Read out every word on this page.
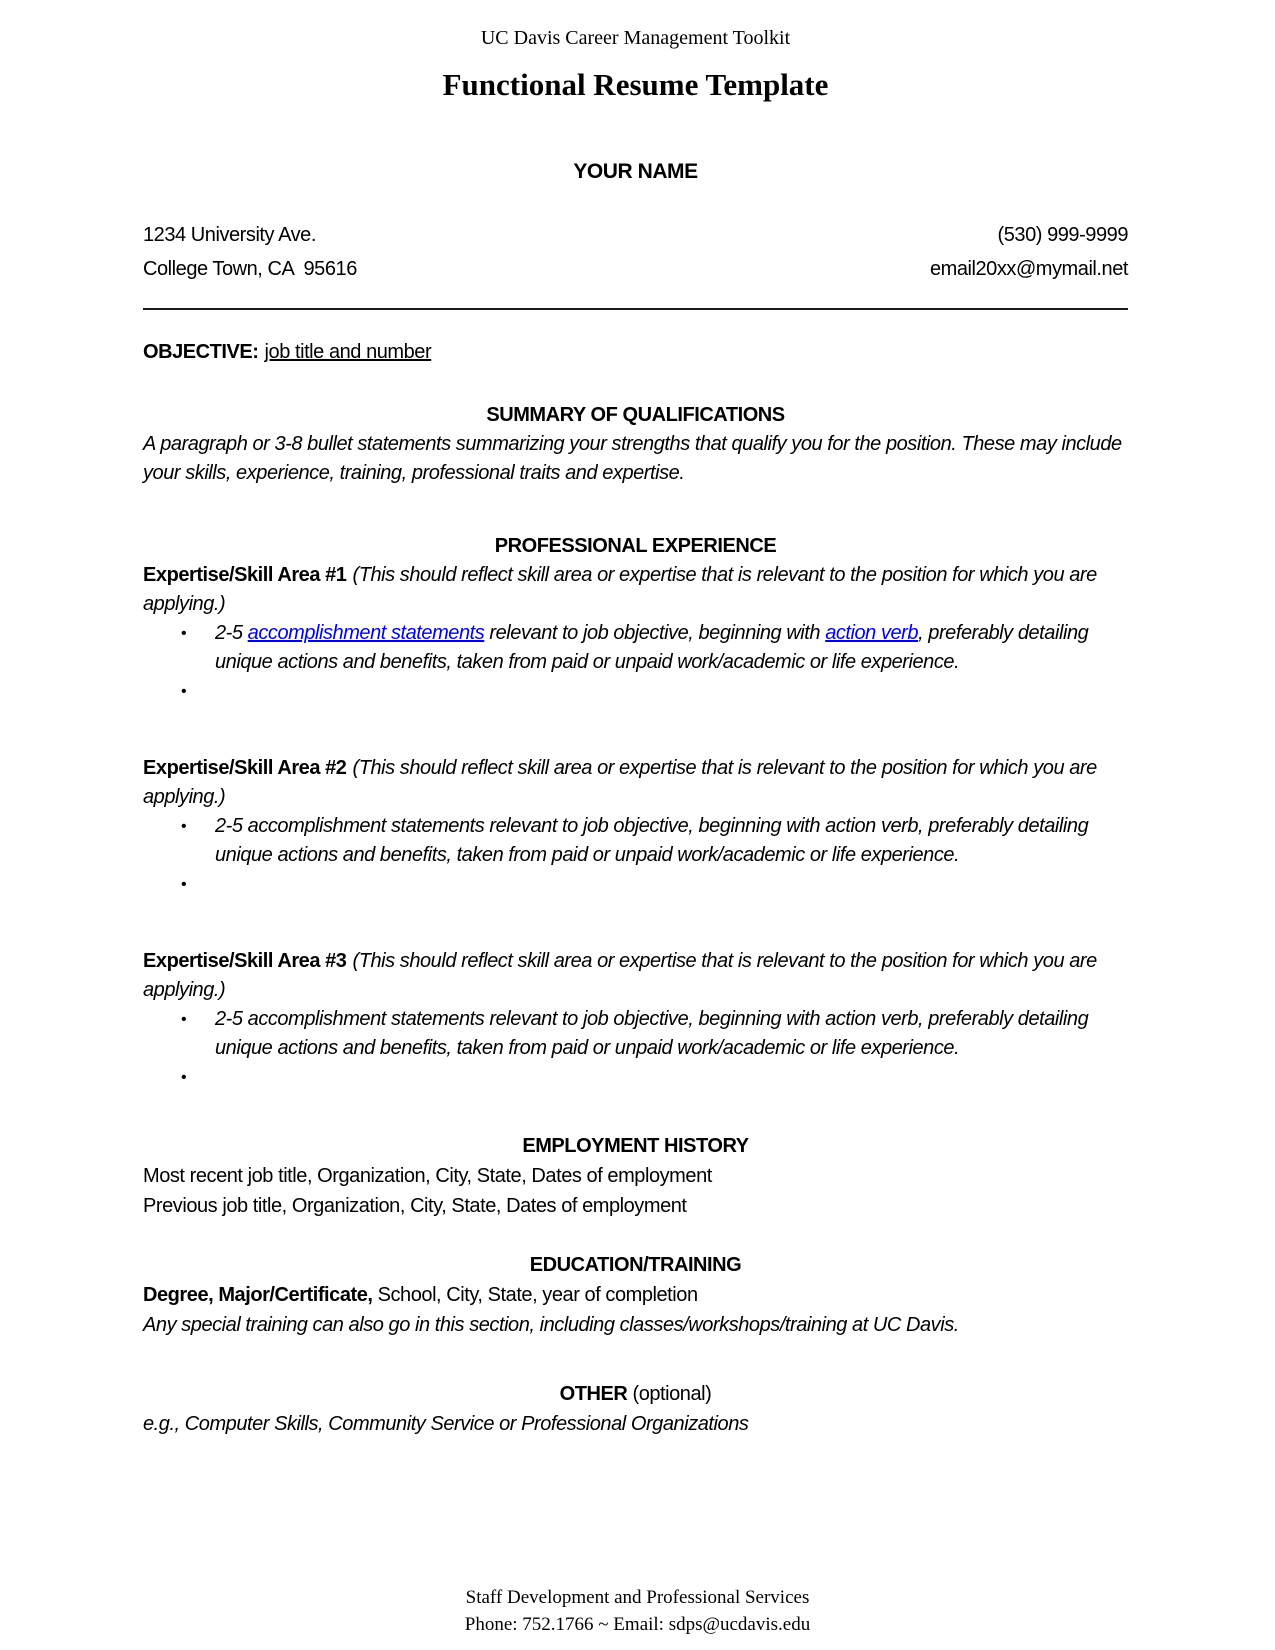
UC Davis Career Management Toolkit
Functional Resume Template
YOUR NAME
1234 University Ave.	(530) 999-9999
College Town, CA  95616	email20xx@mymail.net

OBJECTIVE: job title and number

SUMMARY OF QUALIFICATIONS

A paragraph or 3-8 bullet statements summarizing your strengths that qualify you for the position. These may include your skills, experience, training, professional traits and expertise.

PROFESSIONAL EXPERIENCE

Expertise/Skill Area #1 (This should reflect skill area or expertise that is relevant to the position for which you are applying.)

•	2-5 accomplishment statements relevant to job objective, beginning with action verb, preferably detailing unique actions and benefits, taken from paid or unpaid work/academic or life experience.
•

Expertise/Skill Area #2 (This should reflect skill area or expertise that is relevant to the position for which you are applying.)

•	2-5 accomplishment statements relevant to job objective, beginning with action verb, preferably detailing unique actions and benefits, taken from paid or unpaid work/academic or life experience.
•

Expertise/Skill Area #3 (This should reflect skill area or expertise that is relevant to the position for which you are applying.)

•	2-5 accomplishment statements relevant to job objective, beginning with action verb, preferably detailing unique actions and benefits, taken from paid or unpaid work/academic or life experience.
•
EMPLOYMENT HISTORY

Most recent job title, Organization, City, State, Dates of employment

Previous job title, Organization, City, State, Dates of employment

EDUCATION/TRAINING

Degree, Major/Certificate, School, City, State, year of completion

Any special training can also go in this section, including classes/workshops/training at UC Davis.

OTHER (optional)

e.g., Computer Skills, Community Service or Professional Organizations

Staff Development and Professional Services
Phone: 752.1766 ~ Email: sdps@ucdavis.edu
